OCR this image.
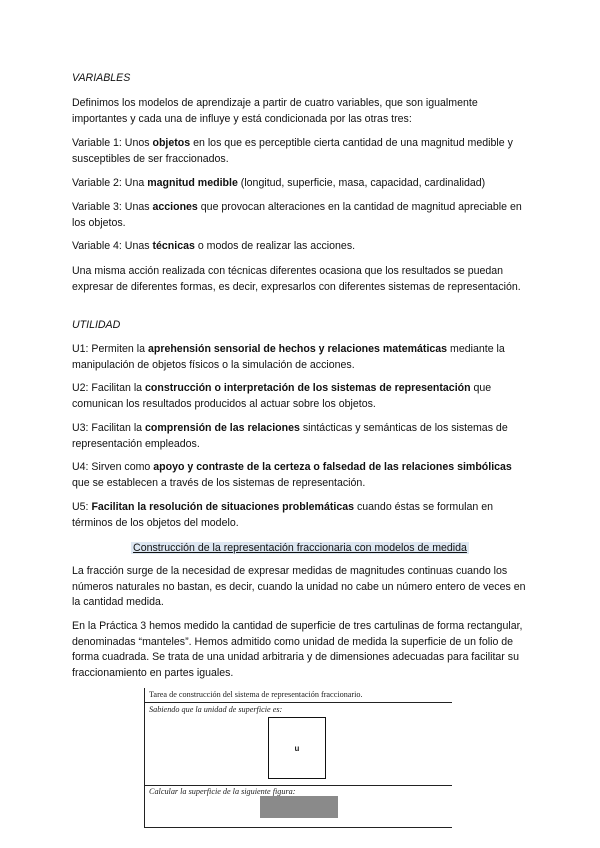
VARIABLES

Definimos los modelos de aprendizaje a partir de cuatro variables, que son igualmente importantes y cada una de influye y está condicionada por las otras tres:

Variable 1: Unos objetos en los que es perceptible cierta cantidad de una magnitud medible y susceptibles de ser fraccionados.

Variable 2: Una magnitud medible (longitud, superficie, masa, capacidad, cardinalidad)

Variable 3: Unas acciones que provocan alteraciones en la cantidad de magnitud apreciable en los objetos.

Variable 4: Unas técnicas o modos de realizar las acciones.

Una misma acción realizada con técnicas diferentes ocasiona que los resultados se puedan expresar de diferentes formas, es decir, expresarlos con diferentes sistemas de representación.

UTILIDAD

U1: Permiten la aprehensión sensorial de hechos y relaciones matemáticas mediante la manipulación de objetos físicos o la simulación de acciones.

U2: Facilitan la construcción o interpretación de los sistemas de representación que comunican los resultados producidos al actuar sobre los objetos.

U3: Facilitan la comprensión de las relaciones sintácticas y semánticas de los sistemas de representación empleados.

U4: Sirven como apoyo y contraste de la certeza o falsedad de las relaciones simbólicas que se establecen a través de los sistemas de representación.

U5: Facilitan la resolución de situaciones problemáticas cuando éstas se formulan en términos de los objetos del modelo.

Construcción de la representación fraccionaria con modelos de medida

La fracción surge de la necesidad de expresar medidas de magnitudes continuas cuando los números naturales no bastan, es decir, cuando la unidad no cabe un número entero de veces en la cantidad medida.

En la Práctica 3 hemos medido la cantidad de superficie de tres cartulinas de forma rectangular, denominadas “manteles”. Hemos admitido como unidad de medida la superficie de un folio de forma cuadrada. Se trata de una unidad arbitraria y de dimensiones adecuadas para facilitar su fraccionamiento en partes iguales.

Tarea de construcción del sistema de representación fraccionario.
Sabiendo que la unidad de superficie es:
u
Calcular la superficie de la siguiente figura:
